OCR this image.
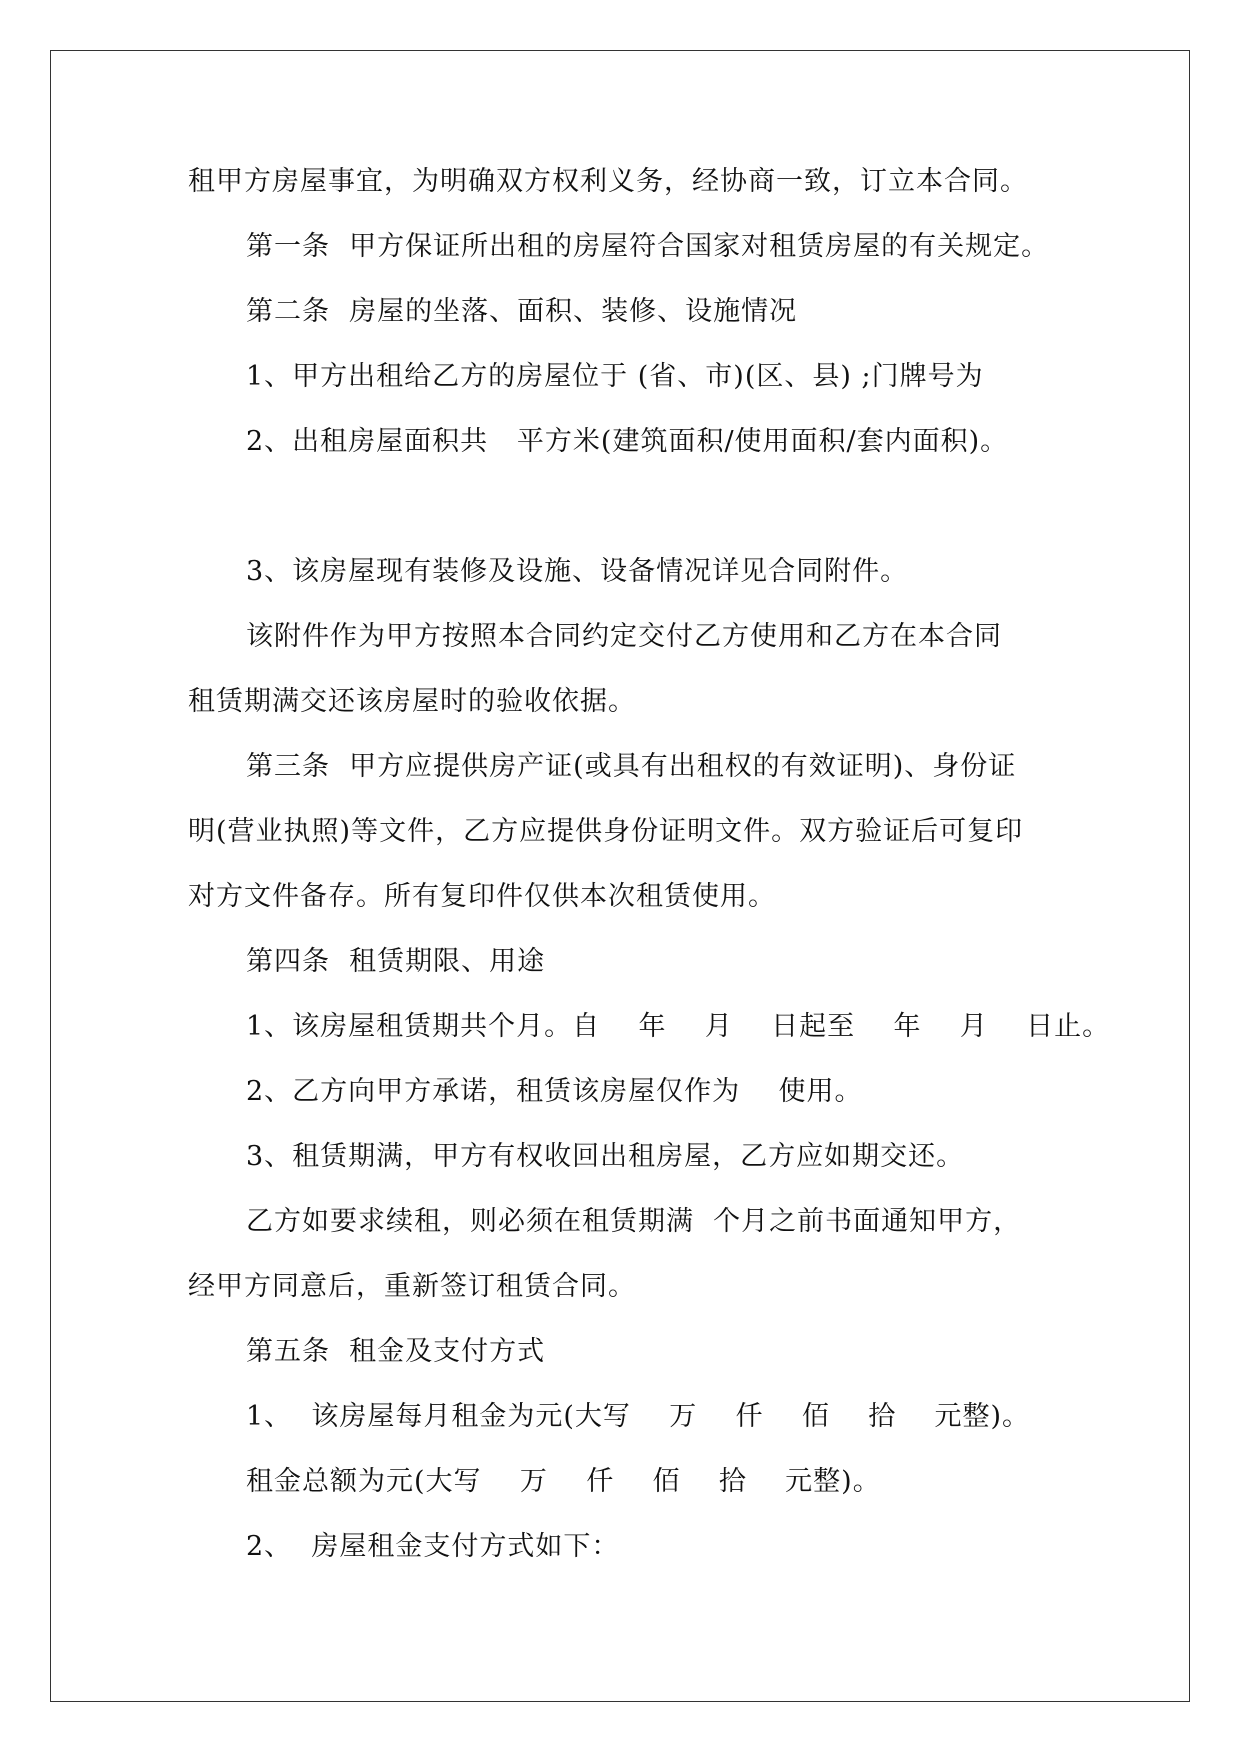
租甲方房屋事宜，为明确双方权利义务，经协商一致，订立本合同。
第一条  甲方保证所出租的房屋符合国家对租赁房屋的有关规定。
第二条  房屋的坐落、面积、装修、设施情况
1、甲方出租给乙方的房屋位于 (省、市)(区、县) ;门牌号为
2、出租房屋面积共   平方米(建筑面积/使用面积/套内面积)。
3、该房屋现有装修及设施、设备情况详见合同附件。
该附件作为甲方按照本合同约定交付乙方使用和乙方在本合同
租赁期满交还该房屋时的验收依据。
第三条  甲方应提供房产证(或具有出租权的有效证明)、身份证
明(营业执照)等文件，乙方应提供身份证明文件。双方验证后可复印
对方文件备存。所有复印件仅供本次租赁使用。
第四条  租赁期限、用途
1、该房屋租赁期共个月。自    年    月    日起至    年    月    日止。
2、乙方向甲方承诺，租赁该房屋仅作为    使用。
3、租赁期满，甲方有权收回出租房屋，乙方应如期交还。
乙方如要求续租，则必须在租赁期满  个月之前书面通知甲方，
经甲方同意后，重新签订租赁合同。
第五条  租金及支付方式
1、  该房屋每月租金为元(大写    万    仟    佰    拾    元整)。
租金总额为元(大写    万    仟    佰    拾    元整)。
2、  房屋租金支付方式如下：
